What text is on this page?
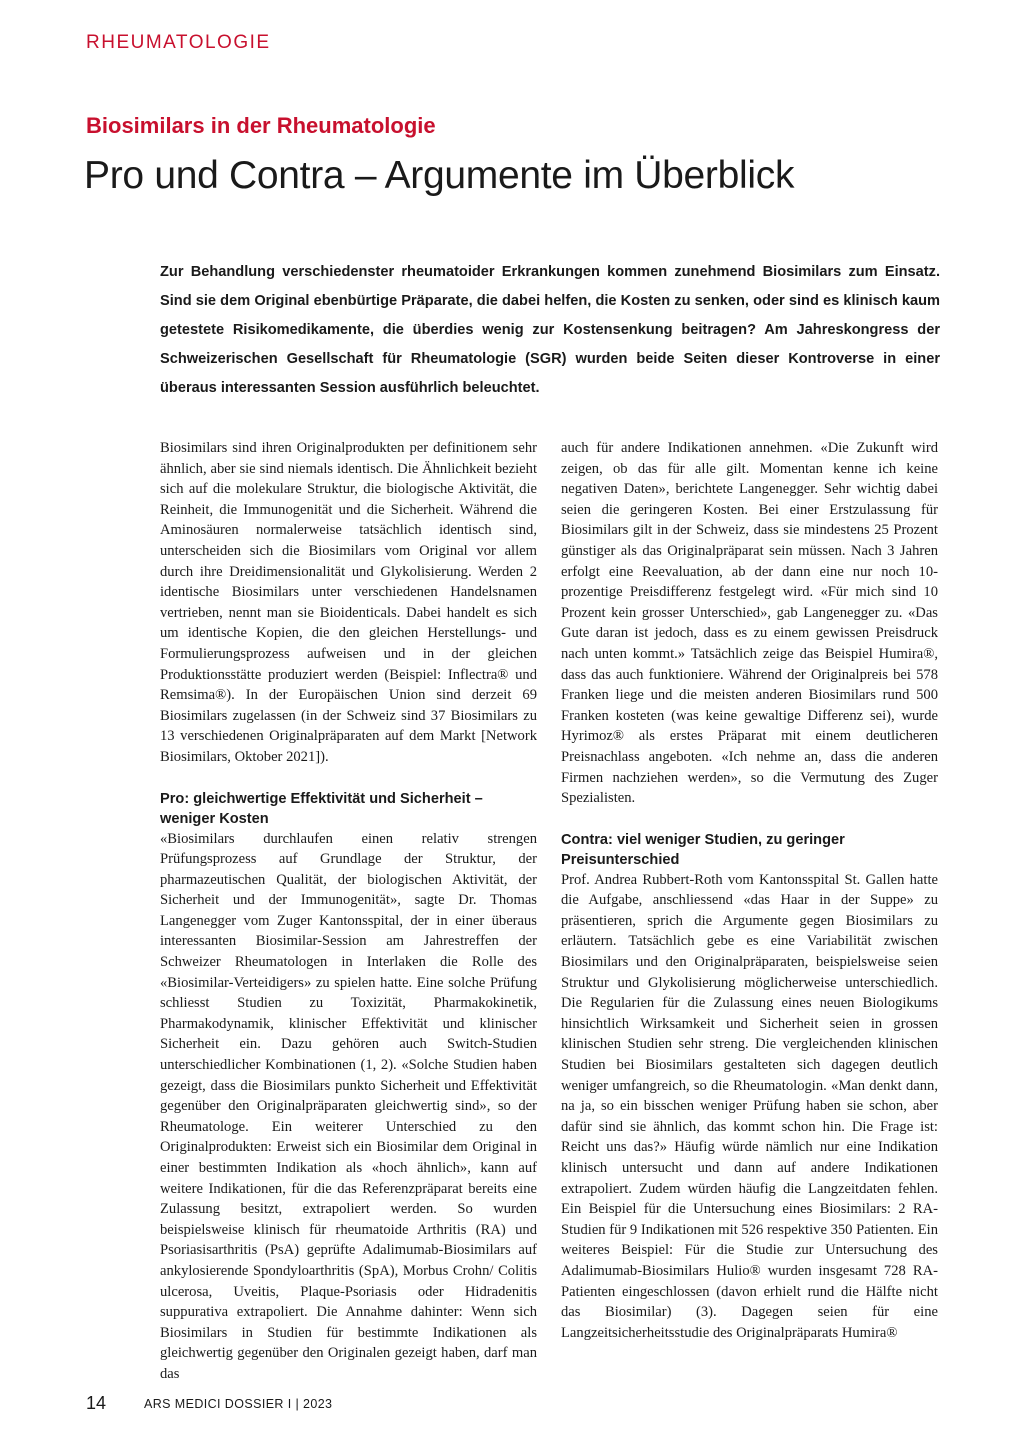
RHEUMATOLOGIE
Biosimilars in der Rheumatologie
Pro und Contra – Argumente im Überblick

Zur Behandlung verschiedenster rheumatoider Erkrankungen kommen zunehmend Biosimilars zum Einsatz. Sind sie dem Original ebenbürtige Präparate, die dabei helfen, die Kosten zu senken, oder sind es klinisch kaum getestete Risikomedikamente, die überdies wenig zur Kostensenkung beitragen? Am Jahreskongress der Schweizerischen Gesellschaft für Rheumatologie (SGR) wurden beide Seiten dieser Kontroverse in einer überaus interessanten Session ausführlich beleuchtet.

Biosimilars sind ihren Originalprodukten per definitionem sehr ähnlich, aber sie sind niemals identisch. Die Ähnlichkeit bezieht sich auf die molekulare Struktur, die biologische Aktivität, die Reinheit, die Immunogenität und die Sicherheit. Während die Aminosäuren normalerweise tatsächlich identisch sind, unterscheiden sich die Biosimilars vom Original vor allem durch ihre Dreidimensionalität und Glykolisierung. Werden 2 identische Biosimilars unter verschiedenen Handelsnamen vertrieben, nennt man sie Bioidenticals. Dabei handelt es sich um identische Kopien, die den gleichen Herstellungs- und Formulierungsprozess aufweisen und in der gleichen Produktionsstätte produziert werden (Beispiel: Inflectra® und Remsima®). In der Europäischen Union sind derzeit 69 Biosimilars zugelassen (in der Schweiz sind 37 Biosimilars zu 13 verschiedenen Originalpräparaten auf dem Markt [Network Biosimilars, Oktober 2021]).

Pro: gleichwertige Effektivität und Sicherheit – weniger Kosten

«Biosimilars durchlaufen einen relativ strengen Prüfungsprozess auf Grundlage der Struktur, der pharmazeutischen Qualität, der biologischen Aktivität, der Sicherheit und der Immunogenität», sagte Dr. Thomas Langenegger vom Zuger Kantonsspital, der in einer überaus interessanten Biosimilar-Session am Jahrestreffen der Schweizer Rheumatologen in Interlaken die Rolle des «Biosimilar-Verteidigers» zu spielen hatte. Eine solche Prüfung schliesst Studien zu Toxizität, Pharmakokinetik, Pharmakodynamik, klinischer Effektivität und klinischer Sicherheit ein. Dazu gehören auch Switch-Studien unterschiedlicher Kombinationen (1, 2). «Solche Studien haben gezeigt, dass die Biosimilars punkto Sicherheit und Effektivität gegenüber den Originalpräparaten gleichwertig sind», so der Rheumatologe. Ein weiterer Unterschied zu den Originalprodukten: Erweist sich ein Biosimilar dem Original in einer bestimmten Indikation als «hoch ähnlich», kann auf weitere Indikationen, für die das Referenzpräparat bereits eine Zulassung besitzt, extrapoliert werden. So wurden beispielsweise klinisch für rheumatoide Arthritis (RA) und Psoriasisarthritis (PsA) geprüfte Adalimumab-Biosimilars auf ankylosierende Spondyloarthritis (SpA), Morbus Crohn/ Colitis ulcerosa, Uveitis, Plaque-Psoriasis oder Hidradenitis suppurativa extrapoliert. Die Annahme dahinter: Wenn sich Biosimilars in Studien für bestimmte Indikationen als gleichwertig gegenüber den Originalen gezeigt haben, darf man das

auch für andere Indikationen annehmen. «Die Zukunft wird zeigen, ob das für alle gilt. Momentan kenne ich keine negativen Daten», berichtete Langenegger. Sehr wichtig dabei seien die geringeren Kosten. Bei einer Erstzulassung für Biosimilars gilt in der Schweiz, dass sie mindestens 25 Prozent günstiger als das Originalpräparat sein müssen. Nach 3 Jahren erfolgt eine Reevaluation, ab der dann eine nur noch 10-prozentige Preisdifferenz festgelegt wird. «Für mich sind 10 Prozent kein grosser Unterschied», gab Langenegger zu. «Das Gute daran ist jedoch, dass es zu einem gewissen Preisdruck nach unten kommt.» Tatsächlich zeige das Beispiel Humira®, dass das auch funktioniere. Während der Originalpreis bei 578 Franken liege und die meisten anderen Biosimilars rund 500 Franken kosteten (was keine gewaltige Differenz sei), wurde Hyrimoz® als erstes Präparat mit einem deutlicheren Preisnachlass angeboten. «Ich nehme an, dass die anderen Firmen nachziehen werden», so die Vermutung des Zuger Spezialisten.

Contra: viel weniger Studien, zu geringer Preisunterschied

Prof. Andrea Rubbert-Roth vom Kantonsspital St. Gallen hatte die Aufgabe, anschliessend «das Haar in der Suppe» zu präsentieren, sprich die Argumente gegen Biosimilars zu erläutern. Tatsächlich gebe es eine Variabilität zwischen Biosimilars und den Originalpräparaten, beispielsweise seien Struktur und Glykolisierung möglicherweise unterschiedlich. Die Regularien für die Zulassung eines neuen Biologikums hinsichtlich Wirksamkeit und Sicherheit seien in grossen klinischen Studien sehr streng. Die vergleichenden klinischen Studien bei Biosimilars gestalteten sich dagegen deutlich weniger umfangreich, so die Rheumatologin. «Man denkt dann, na ja, so ein bisschen weniger Prüfung haben sie schon, aber dafür sind sie ähnlich, das kommt schon hin. Die Frage ist: Reicht uns das?» Häufig würde nämlich nur eine Indikation klinisch untersucht und dann auf andere Indikationen extrapoliert. Zudem würden häufig die Langzeitdaten fehlen. Ein Beispiel für die Untersuchung eines Biosimilars: 2 RA-Studien für 9 Indikationen mit 526 respektive 350 Patienten. Ein weiteres Beispiel: Für die Studie zur Untersuchung des Adalimumab-Biosimilars Hulio® wurden insgesamt 728 RA-Patienten eingeschlossen (davon erhielt rund die Hälfte nicht das Biosimilar) (3). Dagegen seien für eine Langzeitsicherheitsstudie des Originalpräparats Humira®

14	ARS MEDICI DOSSIER I | 2023
